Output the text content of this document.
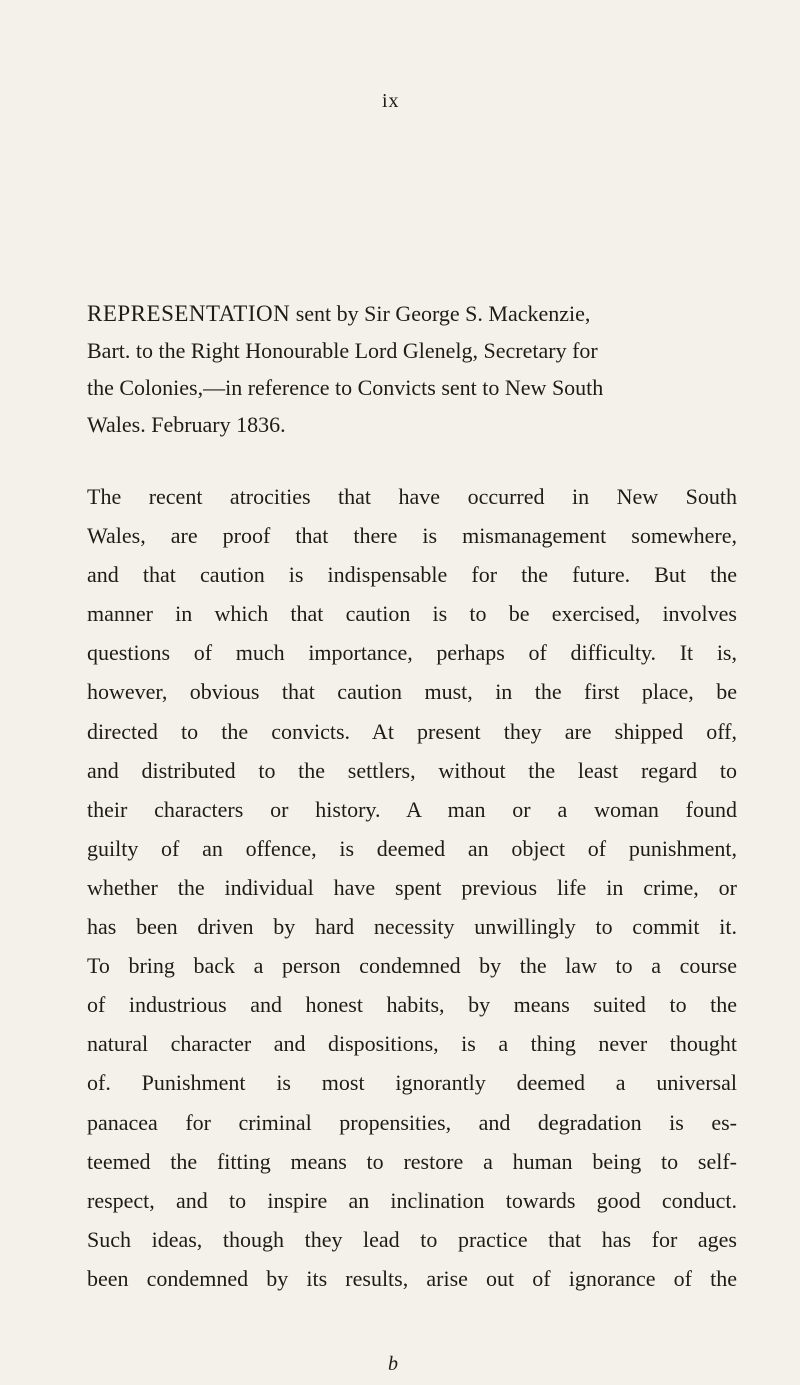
ix
REPRESENTATION sent by Sir George S. Mackenzie,
Bart. to the Right Honourable Lord Glenelg, Secretary for
the Colonies,—in reference to Convicts sent to New South
Wales. February 1836.
The recent atrocities that have occurred in New South
Wales, are proof that there is mismanagement somewhere,
and that caution is indispensable for the future. But the
manner in which that caution is to be exercised, involves
questions of much importance, perhaps of difficulty. It is,
however, obvious that caution must, in the first place, be
directed to the convicts. At present they are shipped off,
and distributed to the settlers, without the least regard to
their characters or history. A man or a woman found
guilty of an offence, is deemed an object of punishment,
whether the individual have spent previous life in crime, or
has been driven by hard necessity unwillingly to commit it.
To bring back a person condemned by the law to a course
of industrious and honest habits, by means suited to the
natural character and dispositions, is a thing never thought
of. Punishment is most ignorantly deemed a universal
panacea for criminal propensities, and degradation is es-
teemed the fitting means to restore a human being to self-
respect, and to inspire an inclination towards good conduct.
Such ideas, though they lead to practice that has for ages
been condemned by its results, arise out of ignorance of the
b
